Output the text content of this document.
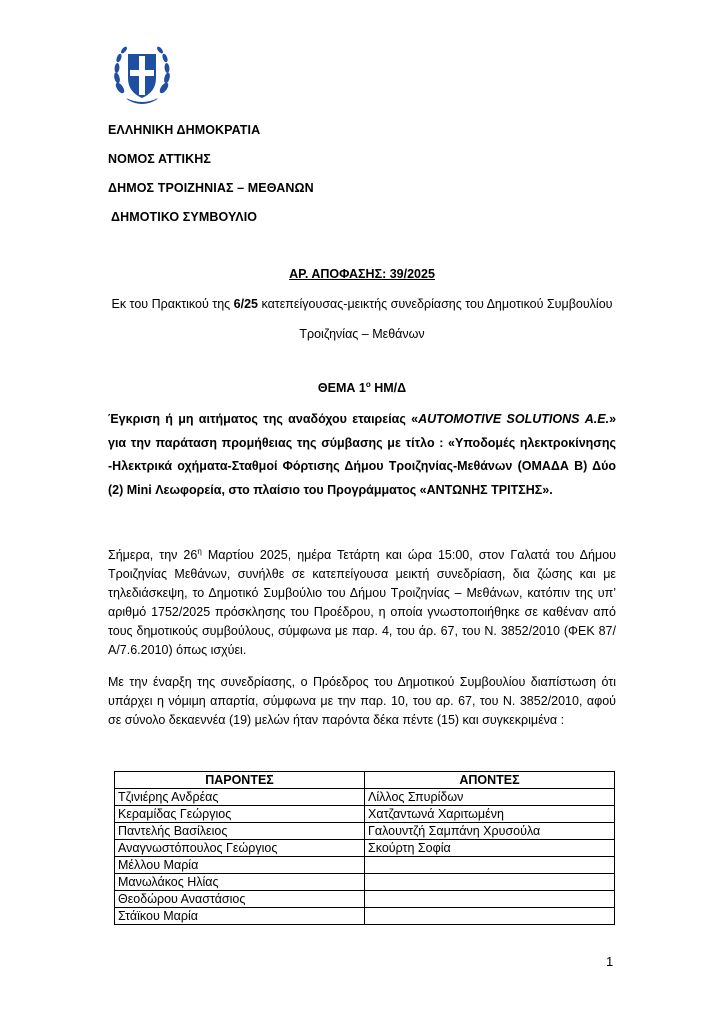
ΕΛΛΗΝΙΚΗ ΔΗΜΟΚΡΑΤΙΑ
ΝΟΜΟΣ ΑΤΤΙΚΗΣ
ΔΗΜΟΣ ΤΡΟΙΖΗΝΙΑΣ – ΜΕΘΑΝΩΝ
ΔΗΜΟΤΙΚΟ ΣΥΜΒΟΥΛΙΟ
ΑΡ. ΑΠΟΦΑΣΗΣ: 39/2025
Εκ του Πρακτικού της 6/25 κατεπείγουσας-μεικτής συνεδρίασης του Δημοτικού Συμβουλίου
Τροιζηνίας – Μεθάνων
ΘΕΜΑ $1^o$ ΗΜ/Δ
Έγκριση ή μη αιτήματος της αναδόχου εταιρείας «AUTOMOTIVE SOLUTIONS Α.Ε.» για την παράταση προμήθειας της σύμβασης με τίτλο : «Υποδομές ηλεκτροκίνησης -Ηλεκτρικά οχήματα-Σταθμοί Φόρτισης Δήμου Τροιζηνίας-Μεθάνων (ΟΜΑΔΑ Β) Δύο (2) Mini Λεωφορεία, στο πλαίσιο του Προγράμματος «ΑΝΤΩΝΗΣ ΤΡΙΤΣΗΣ».
Σήμερα, την $26^\eta$ Μαρτίου 2025, ημέρα Τετάρτη και ώρα 15:00, στον Γαλατά του Δήμου Τροιζηνίας Μεθάνων, συνήλθε σε κατεπείγουσα μεικτή συνεδρίαση, δια ζώσης και με τηλεδιάσκεψη, το Δημοτικό Συμβούλιο του Δήμου Τροιζηνίας – Μεθάνων, κατόπιν της υπ’ αριθμό 1752/2025 πρόσκλησης του Προέδρου, η οποία γνωστοποιήθηκε σε καθέναν από τους δημοτικούς συμβούλους, σύμφωνα με παρ. 4, του άρ. 67, του Ν. 3852/2010 (ΦΕΚ 87/Α/7.6.2010) όπως ισχύει.
Με την έναρξη της συνεδρίασης, ο Πρόεδρος του Δημοτικού Συμβουλίου διαπίστωση ότι υπάρχει η νόμιμη απαρτία, σύμφωνα με την παρ. 10, του αρ. 67, του Ν. 3852/2010, αφού σε σύνολο δεκαεννέα (19) μελών ήταν παρόντα δέκα πέντε (15) και συγκεκριμένα :
ΠΑΡΟΝΤΕΣ	ΑΠΟΝΤΕΣ
Τζινιέρης Ανδρέας	Λίλλος Σπυρίδων
Κεραμίδας Γεώργιος	Χατζαντωνά Χαριτωμένη
Παντελής Βασίλειος	Γαλουντζή Σαμπάνη Χρυσούλα
Αναγνωστόπουλος Γεώργιος	Σκούρτη Σοφία
Μέλλου Μαρία	
Μανωλάκος Ηλίας	
Θεοδώρου Αναστάσιος	
Στάϊκου Μαρία	
1
